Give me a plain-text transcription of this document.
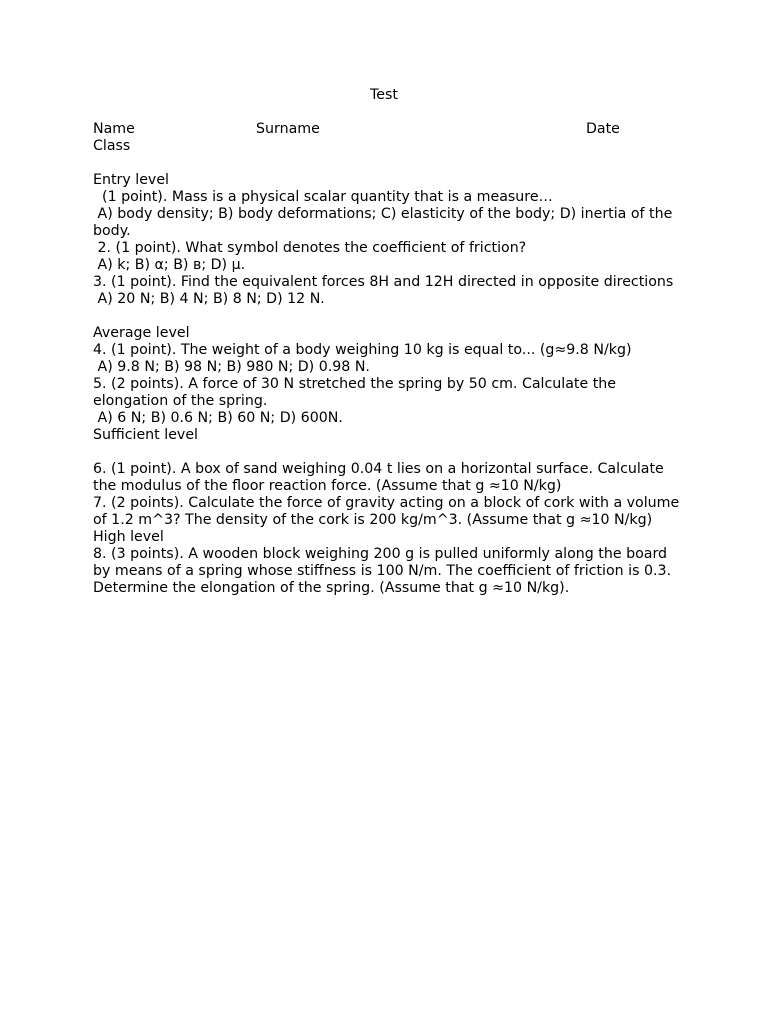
Test
Name	Surname	Date
Class
Entry level
(1 point). Mass is a physical scalar quantity that is a measure…
A) body density; B) body deformations; C) elasticity of the body; D) inertia of the body.
2. (1 point). What symbol denotes the coefficient of friction?
A) k; B) α; B) в; D) μ.
3. (1 point). Find the equivalent forces 8H and 12H directed in opposite directions
A) 20 N; B) 4 N; B) 8 N; D) 12 N.
Average level
4. (1 point). The weight of a body weighing 10 kg is equal to... (g≈9.8 N/kg)
A) 9.8 N; B) 98 N; B) 980 N; D) 0.98 N.
5. (2 points). A force of 30 N stretched the spring by 50 cm. Calculate the elongation of the spring.
A) 6 N; B) 0.6 N; B) 60 N; D) 600N.
Sufficient level
6. (1 point). A box of sand weighing 0.04 t lies on a horizontal surface. Calculate the modulus of the floor reaction force. (Assume that g ≈10 N/kg)
7. (2 points). Calculate the force of gravity acting on a block of cork with a volume of 1.2 m^3? The density of the cork is 200 kg/m^3. (Assume that g ≈10 N/kg)
High level
8. (3 points). A wooden block weighing 200 g is pulled uniformly along the board by means of a spring whose stiffness is 100 N/m. The coefficient of friction is 0.3. Determine the elongation of the spring. (Assume that g ≈10 N/kg).
